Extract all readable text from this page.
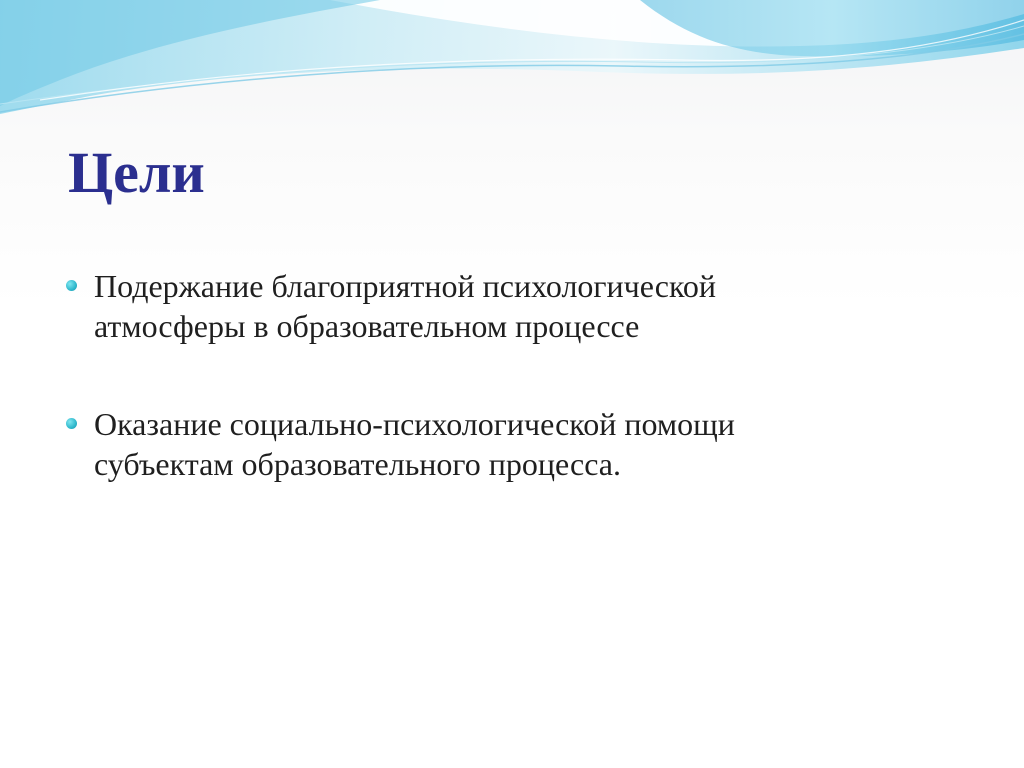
Цели
Подержание благоприятной психологической
атмосферы в образовательном процессе
Оказание социально-психологической помощи
субъектам образовательного процесса.
